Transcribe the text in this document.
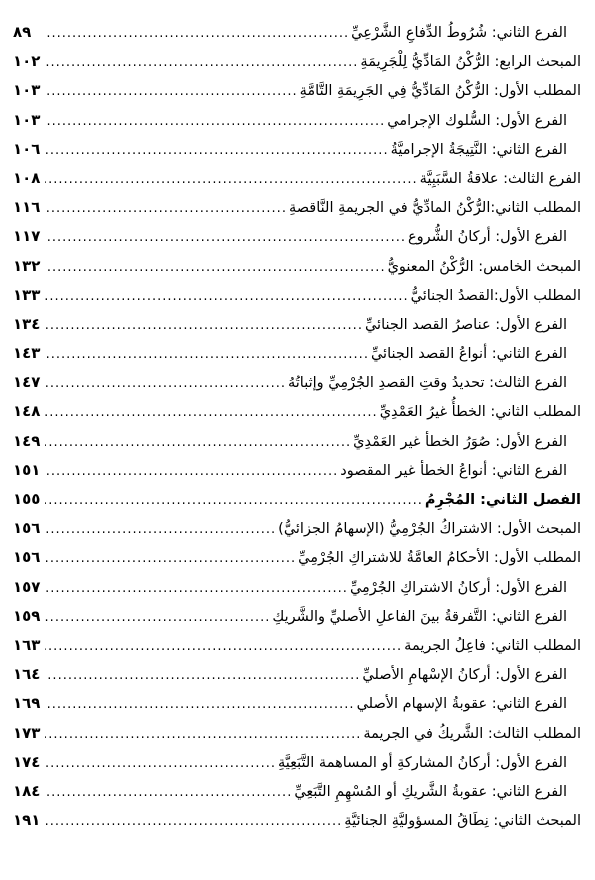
الفرع الثاني: شُرُوطُ الدِّفاعِ الشَّرْعِيِّ
.....
٨٩
المبحث الرابع: الرُّكْنُ المَادِّيُّ لِلْجَرِيمَةِ
.....
١٠٢
المطلب الأول: الرُّكْنُ المَادِّيُّ فِي الجَرِيمَةِ التَّامَّةِ
.....
١٠٣
الفرع الأول: السُّلوك الإجرامي
.....
١٠٣
الفرع الثاني: النَّتِيجَةُ الإجراميَّةُ
.....
١٠٦
الفرع الثالث: علاقةُ السَّبَبِيَّة
.....
١٠٨
المطلب الثاني:الرُّكْنُ المادِّيُّ في الجريمةِ النَّاقصةِ
.....
١١٦
الفرع الأول: أركانُ الشُّروع
.....
١١٧
المبحث الخامس: الرُّكْنُ المعنويُّ
.....
١٣٢
المطلب الأول:القصدُ الجنائيُّ
.....
١٣٣
الفرع الأول: عناصرُ القصد الجنائيِّ
.....
١٣٤
الفرع الثاني: أنواعُ القصد الجنائيِّ
.....
١٤٣
الفرع الثالث: تحديدُ وقتِ القصدِ الجُرْمِيِّ وإثباتُهُ
.....
١٤٧
المطلب الثاني: الخطأُ غيرُ العَمْدِيِّ
.....
١٤٨
الفرع الأول: صُوَرُ الخطأ غير العَمْدِيِّ
.....
١٤٩
الفرع الثاني: أنواعُ الخطأ غير المقصود
.....
١٥١
الفصل الثاني: المُجْرِمُ
.....
١٥٥
المبحث الأول: الاشتراكُ الجُرْمِيُّ (الإسهامُ الجزائيُّ)
.....
١٥٦
المطلب الأول: الأحكامُ العامَّةُ للاشتراكِ الجُرْمِيِّ
.....
١٥٦
الفرع الأول: أركانُ الاشتراكِ الجُرْمِيِّ
.....
١٥٧
الفرع الثاني: التَّفرقةُ بينَ الفاعلِ الأصليِّ والشَّريكِ
.....
١٥٩
المطلب الثاني: فاعِلُ الجريمة
.....
١٦٣
الفرع الأول: أركانُ الإسْهامِ الأصليِّ
.....
١٦٤
الفرع الثاني: عقوبةُ الإسهام الأصلي
.....
١٦٩
المطلب الثالث: الشَّريكُ في الجريمة
.....
١٧٣
الفرع الأول: أركانُ المشاركةِ أو المساهمة التَّبَعِيَّةِ
.....
١٧٤
الفرع الثاني: عقوبةُ الشَّريكِ أو المُسْهِمِ التَّبَعِيِّ
.....
١٨٤
المبحث الثاني: نِطَاقُ المسؤوليَّةِ الجنائيَّةِ
.....
١٩١
